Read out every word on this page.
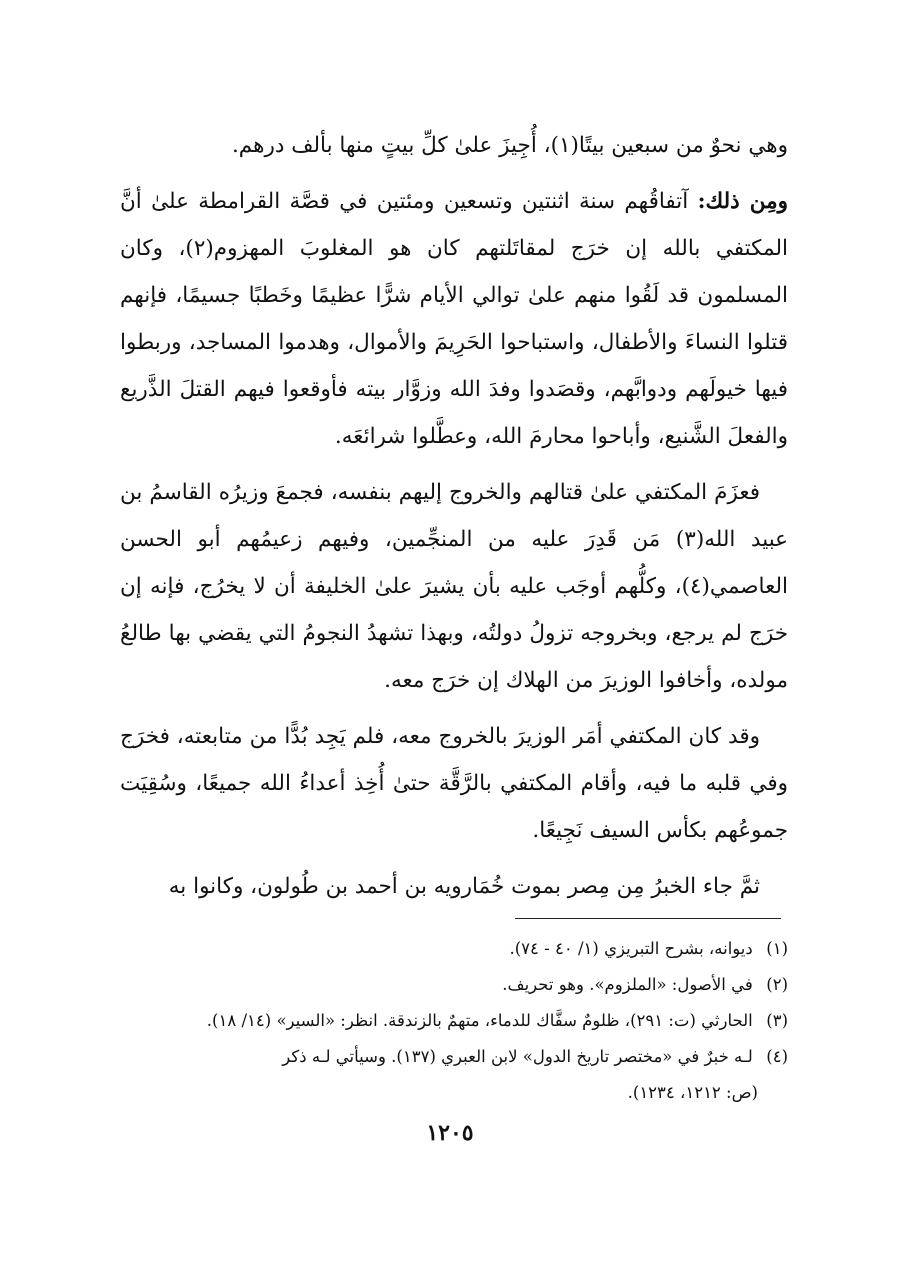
وهي نحوٌ من سبعين بيتًا(١)، أُجِيزَ علىٰ كلِّ بيتٍ منها بألف درهم.

ومِن ذلك: آتفاقُهم سنة اثنتين وتسعين ومئتين في قصَّة القرامطة علىٰ أنَّ المكتفي بالله إن خرَج لمقاتَلتهم كان هو المغلوبَ المهزوم(٢)، وكان المسلمون قد لَقُوا منهم علىٰ توالي الأيام شرًّا عظيمًا وخَطبًا جسيمًا، فإنهم قتلوا النساءَ والأطفال، واستباحوا الحَرِيمَ والأموال، وهدموا المساجد، وربطوا فيها خيولَهم ودوابَّهم، وقصَدوا وفدَ الله وزوَّار بيته فأوقعوا فيهم القتلَ الذَّريع والفعلَ الشَّنيع، وأباحوا محارمَ الله، وعطَّلوا شرائعَه.

فعزَمَ المكتفي علىٰ قتالهم والخروج إليهم بنفسه، فجمعَ وزيرُه القاسمُ بن عبيد الله(٣) مَن قَدِرَ عليه من المنجِّمين، وفيهم زعيمُهم أبو الحسن العاصمي(٤)، وكلُّهم أوجَب عليه بأن يشيرَ علىٰ الخليفة أن لا يخرُج، فإنه إن خرَج لم يرجع، وبخروجه تزولُ دولتُه، وبهذا تشهدُ النجومُ التي يقضي بها طالعُ مولده، وأخافوا الوزيرَ من الهلاك إن خرَج معه.

وقد كان المكتفي أمَر الوزيرَ بالخروج معه، فلم يَجِد بُدًّا من متابعته، فخرَج وفي قلبه ما فيه، وأقام المكتفي بالرَّقَّة حتىٰ أُخِذ أعداءُ الله جميعًا، وسُقِيَت جموعُهم بكأس السيف نَجِيعًا.

ثمَّ جاء الخبرُ مِن مِصر بموت خُمَارويه بن أحمد بن طُولون، وكانوا به

(١) ديوانه، بشرح التبريزي (١/ ٤٠ - ٧٤).

(٢) في الأصول: «الملزوم». وهو تحريف.

(٣) الحارثي (ت: ٢٩١)، ظلومٌ سفَّاك للدماء، متهمٌ بالزندقة. انظر: «السير» (١٤/ ١٨).

(٤) لـه خبرٌ في «مختصر تاريخ الدول» لابن العبري (١٣٧). وسيأتي لـه ذكر

(ص: ١٢١٢، ١٢٣٤).

١٢٠٥
